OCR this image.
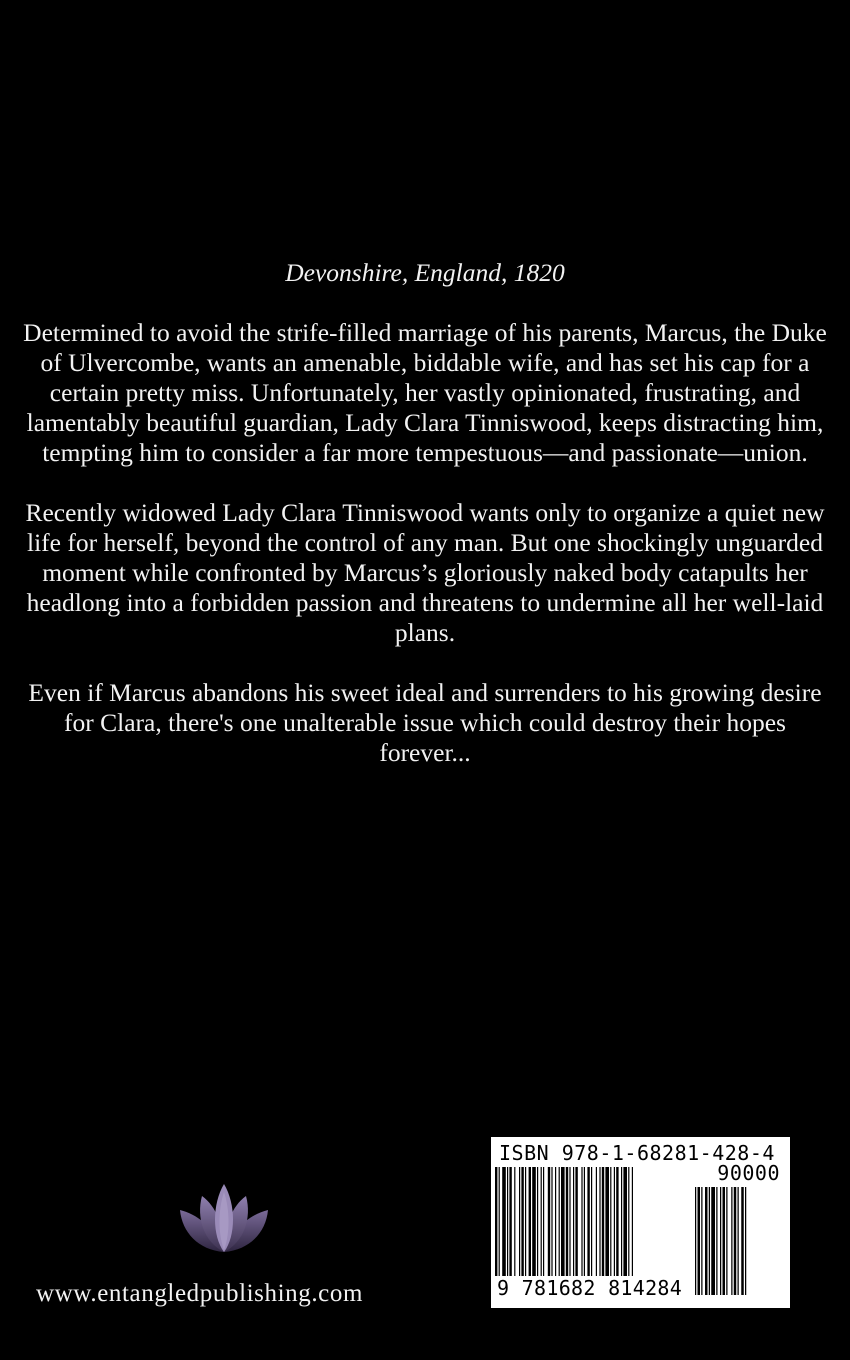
Devonshire, England, 1820

Determined to avoid the strife-filled marriage of his parents, Marcus, the Duke of Ulvercombe, wants an amenable, biddable wife, and has set his cap for a certain pretty miss. Unfortunately, her vastly opinionated, frustrating, and lamentably beautiful guardian, Lady Clara Tinniswood, keeps distracting him, tempting him to consider a far more tempestuous—and passionate—union.

Recently widowed Lady Clara Tinniswood wants only to organize a quiet new life for herself, beyond the control of any man. But one shockingly unguarded moment while confronted by Marcus’s gloriously naked body catapults her headlong into a forbidden passion and threatens to undermine all her well-laid plans.

Even if Marcus abandons his sweet ideal and surrenders to his growing desire for Clara, there's one unalterable issue which could destroy their hopes forever...

www.entangledpublishing.com
ISBN 978-1-68281-428-4
90000
9 781682 814284
